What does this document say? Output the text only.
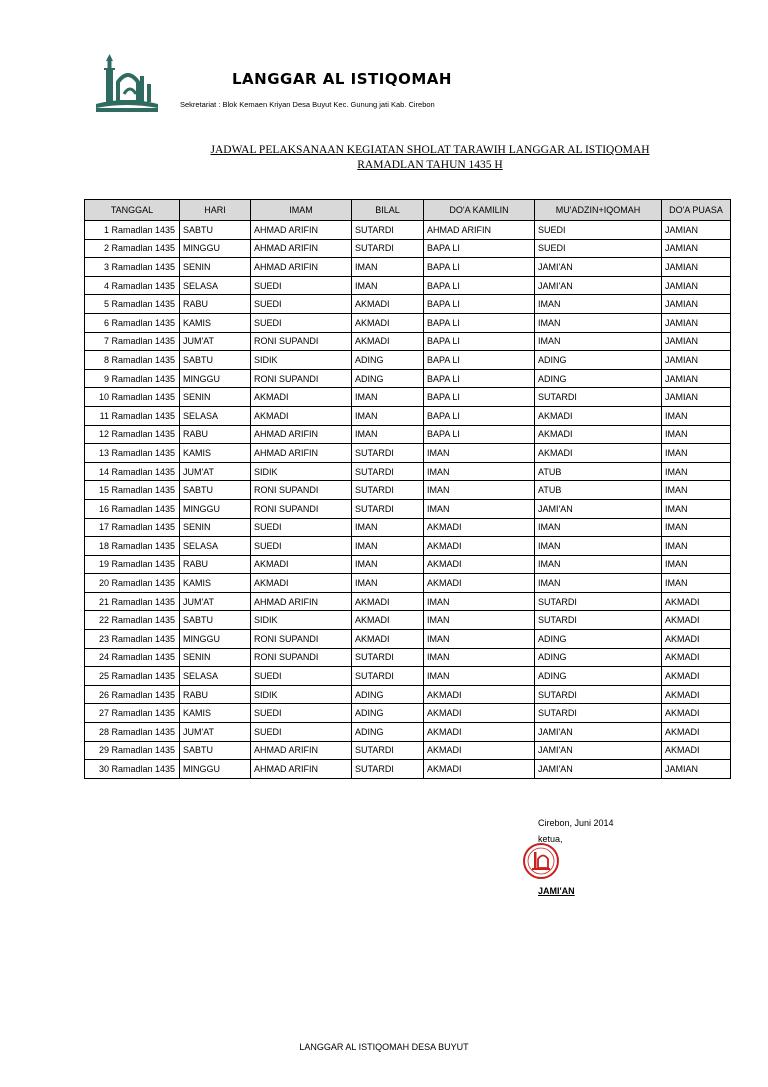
LANGGAR AL ISTIQOMAH
Sekretariat : Blok Kemaen Kriyan Desa Buyut Kec. Gunung jati Kab. Cirebon
JADWAL PELAKSANAAN KEGIATAN SHOLAT TARAWIH LANGGAR AL ISTIQOMAH
RAMADLAN TAHUN 1435 H
TANGGAL	HARI	IMAM	BILAL	DO'A KAMILIN	MU'ADZIN+IQOMAH	DO'A PUASA
1 Ramadlan 1435	SABTU	AHMAD ARIFIN	SUTARDI	AHMAD ARIFIN	SUEDI	JAMIAN
2 Ramadlan 1435	MINGGU	AHMAD ARIFIN	SUTARDI	BAPA LI	SUEDI	JAMIAN
3 Ramadlan 1435	SENIN	AHMAD ARIFIN	IMAN	BAPA LI	JAMI'AN	JAMIAN
4 Ramadlan 1435	SELASA	SUEDI	IMAN	BAPA LI	JAMI'AN	JAMIAN
5 Ramadlan 1435	RABU	SUEDI	AKMADI	BAPA LI	IMAN	JAMIAN
6 Ramadlan 1435	KAMIS	SUEDI	AKMADI	BAPA LI	IMAN	JAMIAN
7 Ramadlan 1435	JUM'AT	RONI SUPANDI	AKMADI	BAPA LI	IMAN	JAMIAN
8 Ramadlan 1435	SABTU	SIDIK	ADING	BAPA LI	ADING	JAMIAN
9 Ramadlan 1435	MINGGU	RONI SUPANDI	ADING	BAPA LI	ADING	JAMIAN
10 Ramadlan 1435	SENIN	AKMADI	IMAN	BAPA LI	SUTARDI	JAMIAN
11 Ramadlan 1435	SELASA	AKMADI	IMAN	BAPA LI	AKMADI	IMAN
12 Ramadlan 1435	RABU	AHMAD ARIFIN	IMAN	BAPA LI	AKMADI	IMAN
13 Ramadlan 1435	KAMIS	AHMAD ARIFIN	SUTARDI	IMAN	AKMADI	IMAN
14 Ramadlan 1435	JUM'AT	SIDIK	SUTARDI	IMAN	ATUB	IMAN
15 Ramadlan 1435	SABTU	RONI SUPANDI	SUTARDI	IMAN	ATUB	IMAN
16 Ramadlan 1435	MINGGU	RONI SUPANDI	SUTARDI	IMAN	JAMI'AN	IMAN
17 Ramadlan 1435	SENIN	SUEDI	IMAN	AKMADI	IMAN	IMAN
18 Ramadlan 1435	SELASA	SUEDI	IMAN	AKMADI	IMAN	IMAN
19 Ramadlan 1435	RABU	AKMADI	IMAN	AKMADI	IMAN	IMAN
20 Ramadlan 1435	KAMIS	AKMADI	IMAN	AKMADI	IMAN	IMAN
21 Ramadlan 1435	JUM'AT	AHMAD ARIFIN	AKMADI	IMAN	SUTARDI	AKMADI
22 Ramadlan 1435	SABTU	SIDIK	AKMADI	IMAN	SUTARDI	AKMADI
23 Ramadlan 1435	MINGGU	RONI SUPANDI	AKMADI	IMAN	ADING	AKMADI
24 Ramadlan 1435	SENIN	RONI SUPANDI	SUTARDI	IMAN	ADING	AKMADI
25 Ramadlan 1435	SELASA	SUEDI	SUTARDI	IMAN	ADING	AKMADI
26 Ramadlan 1435	RABU	SIDIK	ADING	AKMADI	SUTARDI	AKMADI
27 Ramadlan 1435	KAMIS	SUEDI	ADING	AKMADI	SUTARDI	AKMADI
28 Ramadlan 1435	JUM'AT	SUEDI	ADING	AKMADI	JAMI'AN	AKMADI
29 Ramadlan 1435	SABTU	AHMAD ARIFIN	SUTARDI	AKMADI	JAMI'AN	AKMADI
30 Ramadlan 1435	MINGGU	AHMAD ARIFIN	SUTARDI	AKMADI	JAMI'AN	JAMIAN
Cirebon, Juni 2014
ketua,
JAMI'AN
LANGGAR AL ISTIQOMAH DESA BUYUT
